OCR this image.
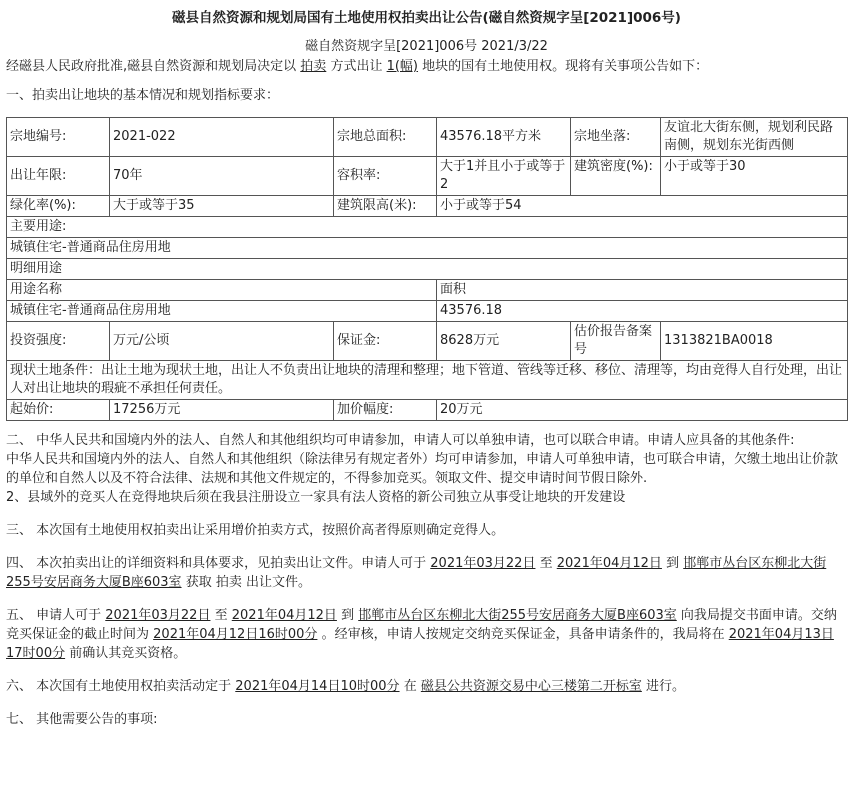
磁县自然资源和规划局国有土地使用权拍卖出让公告(磁自然资规字呈[2021]006号)
磁自然资规字呈[2021]006号 2021/3/22
经磁县人民政府批准,磁县自然资源和规划局决定以 拍卖 方式出让 1(幅) 地块的国有土地使用权。现将有关事项公告如下：
一、拍卖出让地块的基本情况和规划指标要求：
宗地编号:	2021-022	宗地总面积:	43576.18平方米	宗地坐落:	友谊北大街东侧，规划利民路南侧，规划东光街西侧
出让年限:	70年	容积率:	大于1并且小于或等于2	建筑密度(%):	小于或等于30
绿化率(%):	大于或等于35	建筑限高(米):	小于或等于54		
主要用途:					
城镇住宅-普通商品住房用地					
明细用途					
用途名称			面积		
城镇住宅-普通商品住房用地			43576.18		
投资强度:	万元/公顷	保证金:	8628万元	估价报告备案号	1313821BA0018
现状土地条件：出让土地为现状土地，出让人不负责出让地块的清理和整理；地下管道、管线等迁移、移位、清理等，均由竞得人自行处理，出让人对出让地块的瑕疵不承担任何责任。					
起始价:	17256万元	加价幅度:	20万元		

二、 中华人民共和国境内外的法人、自然人和其他组织均可申请参加，申请人可以单独申请，也可以联合申请。申请人应具备的其他条件:

中华人民共和国境内外的法人、自然人和其他组织（除法律另有规定者外）均可申请参加，申请人可单独申请，也可联合申请，欠缴土地出让价款的单位和自然人以及不符合法律、法规和其他文件规定的，不得参加竞买。领取文件、提交申请时间节假日除外.

2、县域外的竞买人在竞得地块后须在我县注册设立一家具有法人资格的新公司独立从事受让地块的开发建设

三、 本次国有土地使用权拍卖出让采用增价拍卖方式，按照价高者得原则确定竞得人。

四、 本次拍卖出让的详细资料和具体要求，见拍卖出让文件。申请人可于 2021年03月22日 至 2021年04月12日 到 邯郸市丛台区东柳北大街255号安居商务大厦B座603室 获取 拍卖 出让文件。

五、 申请人可于 2021年03月22日 至 2021年04月12日 到 邯郸市丛台区东柳北大街255号安居商务大厦B座603室 向我局提交书面申请。交纳竞买保证金的截止时间为 2021年04月12日16时00分 。经审核，申请人按规定交纳竞买保证金，具备申请条件的，我局将在 2021年04月13日17时00分 前确认其竞买资格。

六、 本次国有土地使用权拍卖活动定于 2021年04月14日10时00分 在 磁县公共资源交易中心三楼第二开标室 进行。

七、 其他需要公告的事项:
